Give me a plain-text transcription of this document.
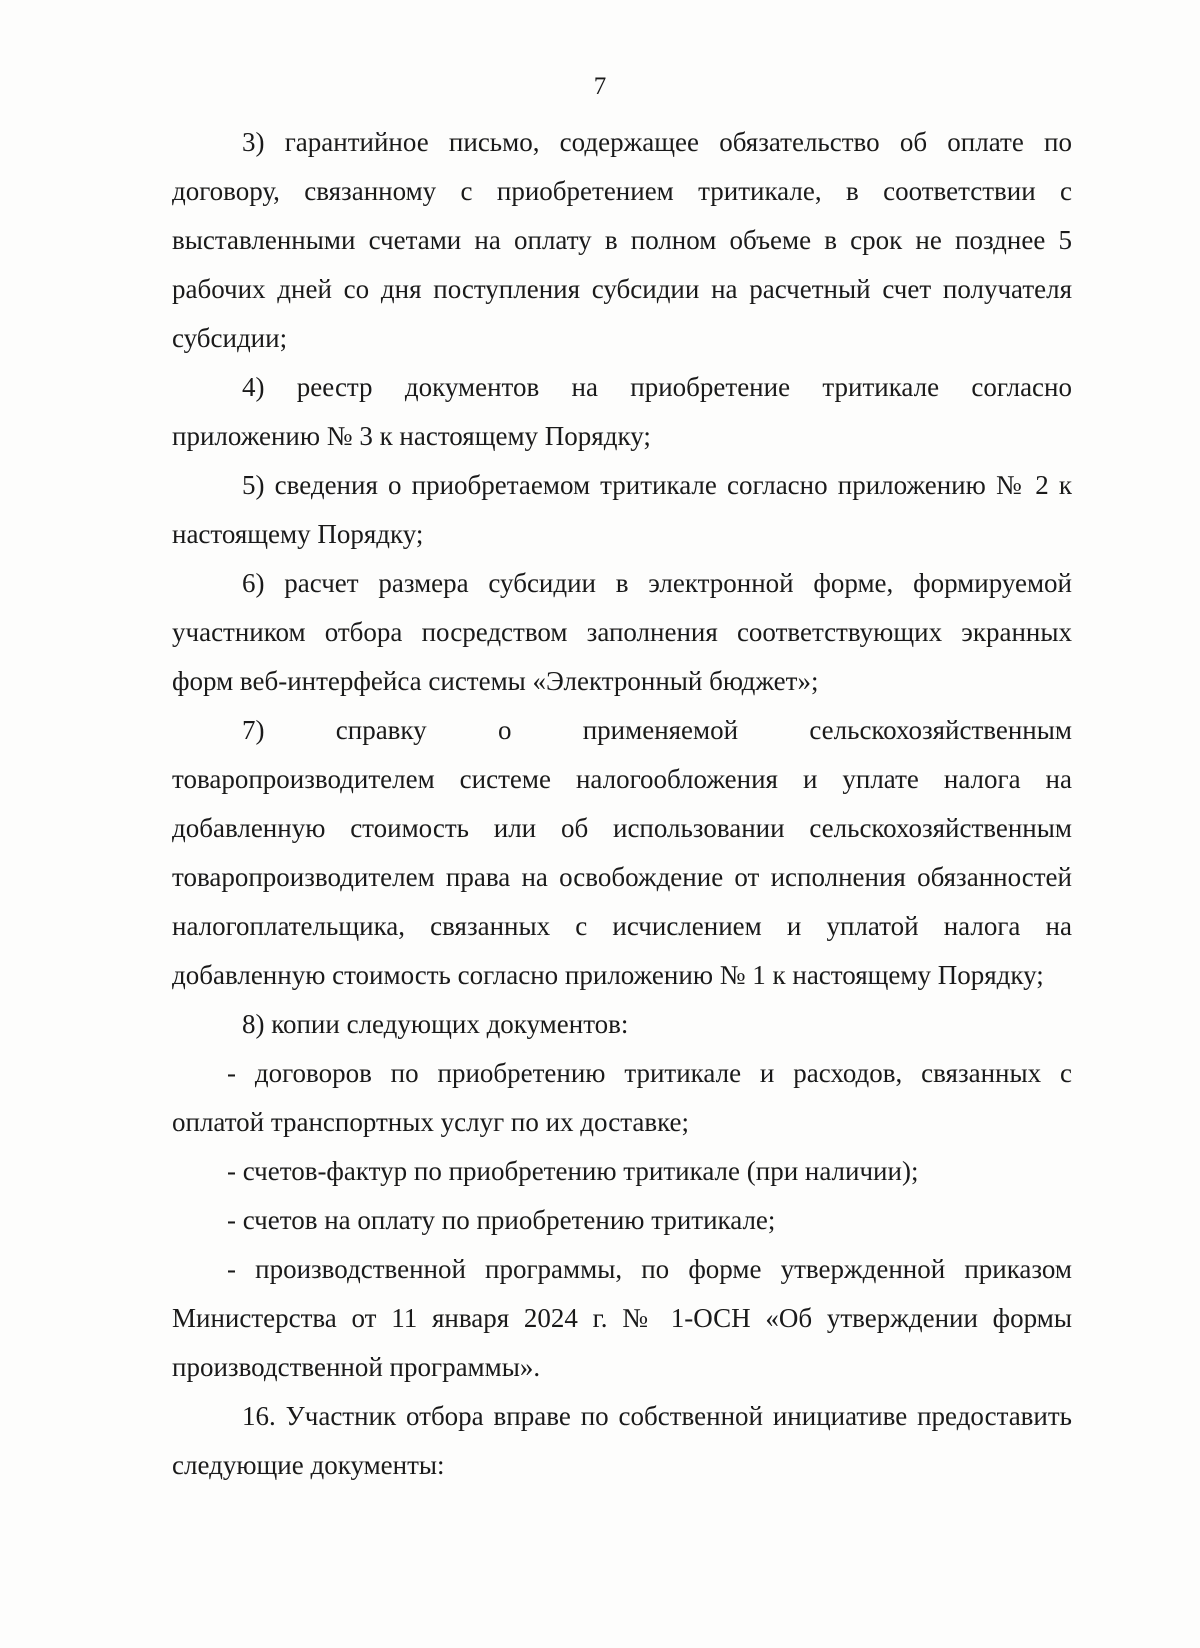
7

3) гарантийное письмо, содержащее обязательство об оплате по договору, связанному с приобретением тритикале, в соответствии с выставленными счетами на оплату в полном объеме в срок не позднее 5 рабочих дней со дня поступления субсидии на расчетный счет получателя субсидии;

4) реестр документов на приобретение тритикале согласно приложению № 3 к настоящему Порядку;

5) сведения о приобретаемом тритикале согласно приложению № 2 к настоящему Порядку;

6) расчет размера субсидии в электронной форме, формируемой участником отбора посредством заполнения соответствующих экранных форм веб-интерфейса системы «Электронный бюджет»;

7) справку о применяемой сельскохозяйственным товаропроизводителем системе налогообложения и уплате налога на добавленную стоимость или об использовании сельскохозяйственным товаропроизводителем права на освобождение от исполнения обязанностей налогоплательщика, связанных с исчислением и уплатой налога на добавленную стоимость согласно приложению № 1 к настоящему Порядку;

8) копии следующих документов:

- договоров по приобретению тритикале и расходов, связанных с оплатой транспортных услуг по их доставке;

- счетов-фактур по приобретению тритикале (при наличии);

- счетов на оплату по приобретению тритикале;

- производственной программы, по форме утвержденной приказом Министерства от 11 января 2024 г. № 1-ОСН «Об утверждении формы производственной программы».

16. Участник отбора вправе по собственной инициативе предоставить следующие документы:
